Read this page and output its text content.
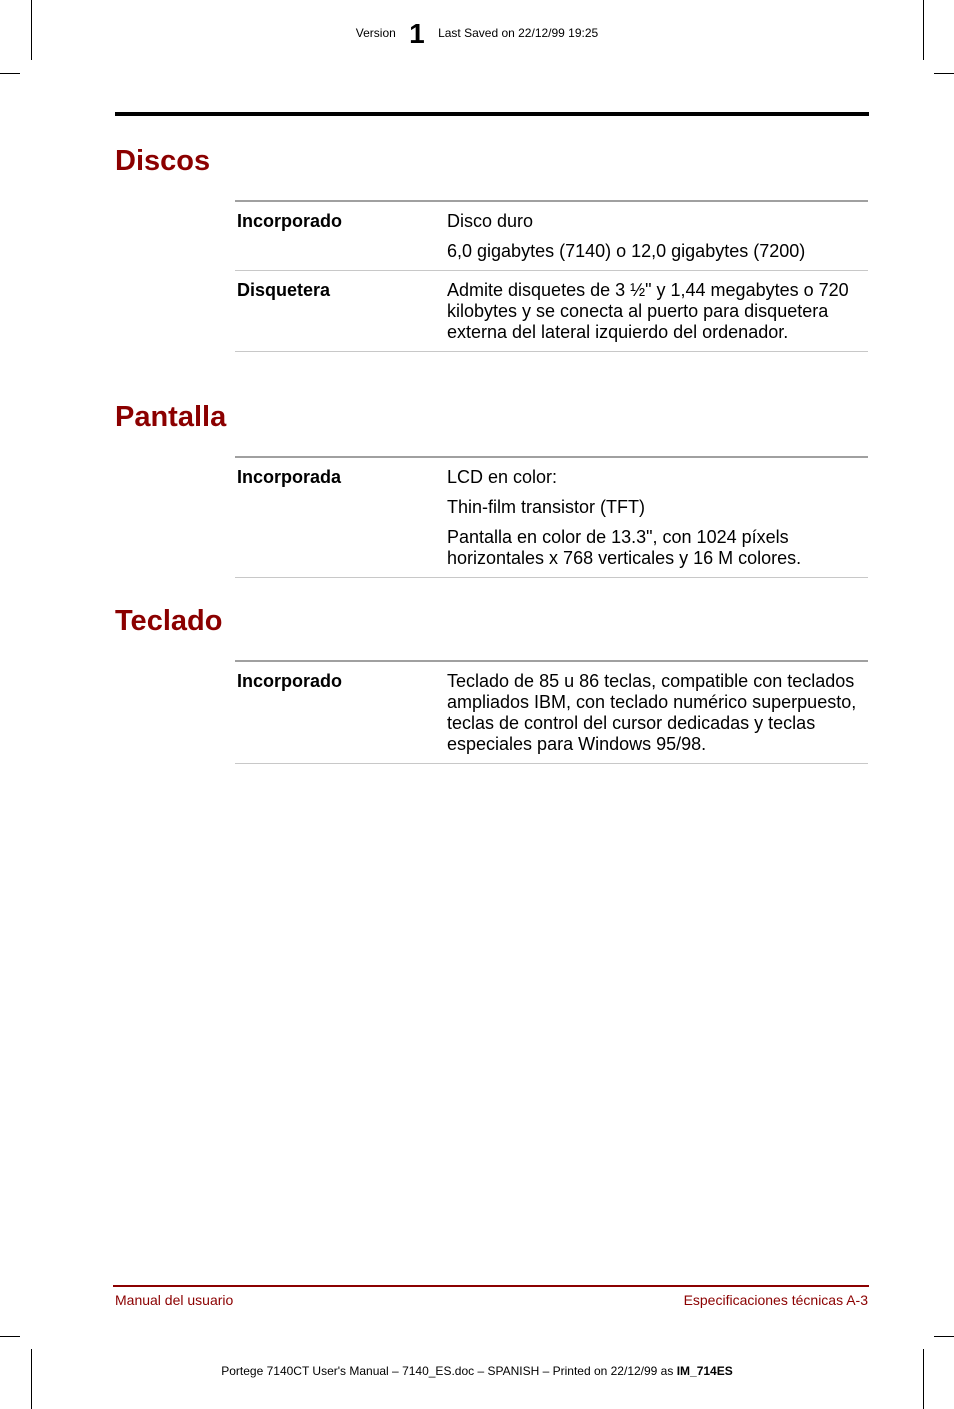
Version 1 Last Saved on 22/12/99 19:25
Discos
Incorporado	Disco duro

6,0 gigabytes (7140) o 12,0 gigabytes (7200)

Disquetera	Admite disquetes de 3 ½" y 1,44 megabytes o 720 kilobytes y se conecta al puerto para disquetera externa del lateral izquierdo del ordenador.

Pantalla
Incorporada	LCD en color:

Thin-film transistor (TFT)

Pantalla en color de 13.3", con 1024 píxels horizontales x 768 verticales y 16 M colores.

Teclado
Incorporado	Teclado de 85 u 86 teclas, compatible con teclados ampliados IBM, con teclado numérico superpuesto, teclas de control del cursor dedicadas y teclas especiales para Windows 95/98.

Manual del usuario	Especificaciones técnicas A-3
Portege 7140CT User's Manual – 7140_ES.doc – SPANISH – Printed on 22/12/99 as IM_714ES
